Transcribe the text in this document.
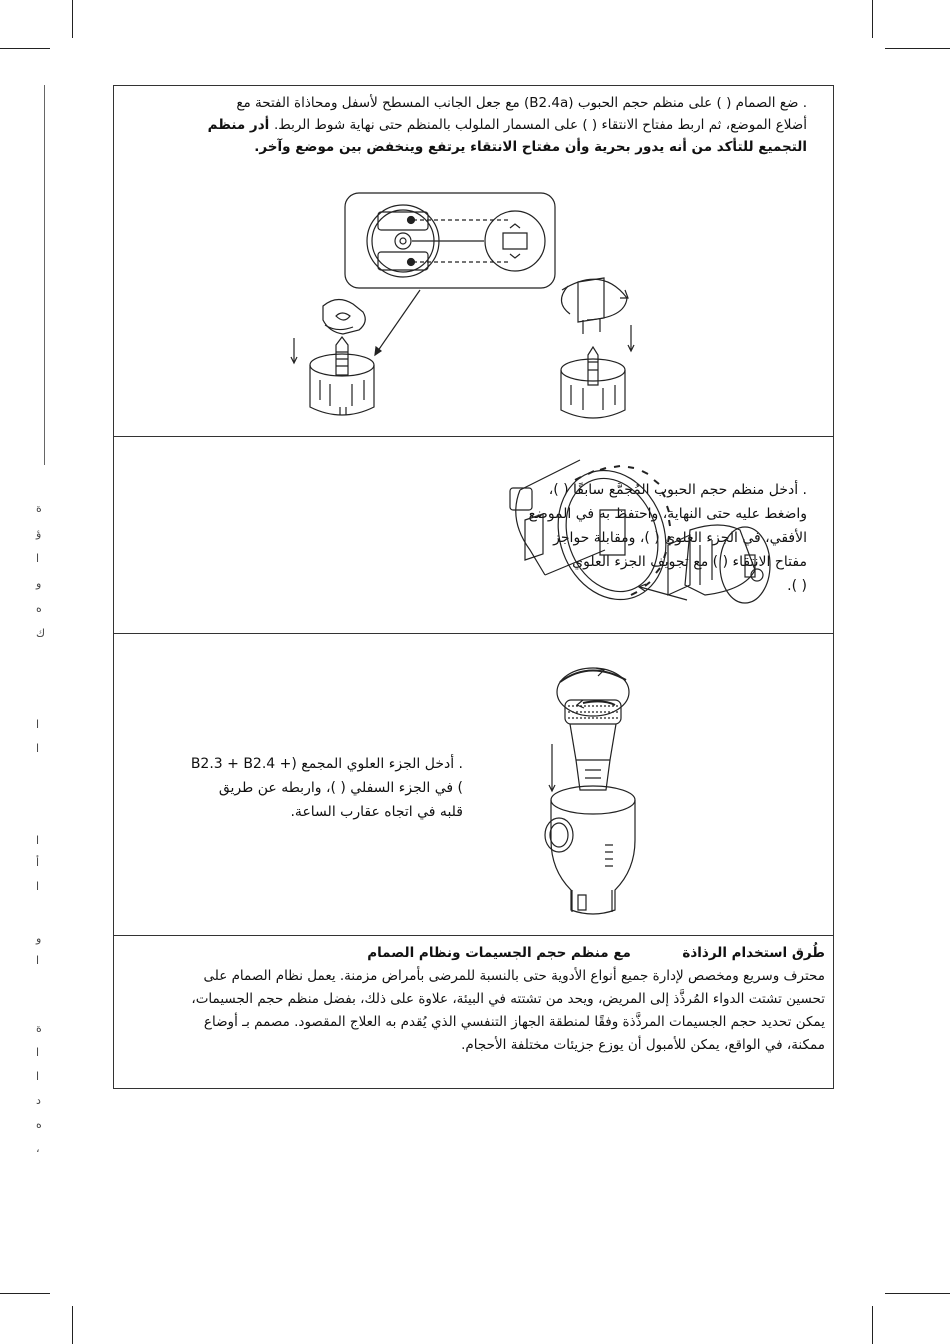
ة
ؤ
ا
و
ه
ك
ا
ا
ا
أ
ا
و
ا
ة
ا
ا
د
ه
،
. ضع الصمام ( ) على منظم حجم الحبوب (B2.4a) مع جعل الجانب المسطح لأسفل ومحاذاة الفتحة مع
أضلاع الموضع، ثم اربط مفتاح الانتقاء ( ) على المسمار الملولب بالمنظم حتى نهاية شوط الربط. أدر منظم
التجميع للتأكد من أنه يدور بحرية وأن مفتاح الانتقاء يرتفع وينخفض بين موضع وآخر.
. أدخل منظم حجم الحبوب المُجمَّع سابقًا ( )،
واضغط عليه حتى النهاية، واحتفظ به في الموضع
الأفقي، في الجزء العلوي ( )، ومقابلة حواجز
مفتاح الانتقاء ( ) مع تجويف الجزء العلوي
( ).
. أدخل الجزء العلوي المجمع (+ B2.3 + B2.4
) في الجزء السفلي ( )، واربطه عن طريق
قلبه في اتجاه عقارب الساعة.
طُرق استخدام الرذاذة            مع منظم حجم الجسيمات ونظام الصمام
محترف وسريع ومخصص لإدارة جميع أنواع الأدوية حتى بالنسبة للمرضى بأمراض مزمنة. يعمل نظام الصمام على
تحسين تشتت الدواء المُرذَّذ إلى المريض، ويحد من تشتته في البيئة، علاوة على ذلك، بفضل منظم حجم الجسيمات،
يمكن تحديد حجم الجسيمات المرذَّذة وفقًا لمنطقة الجهاز التنفسي الذي يُقدم به العلاج المقصود. مصمم بـ أوضاع
ممكنة، في الواقع، يمكن للأمبول أن يوزع جزيئات مختلفة الأحجام.
